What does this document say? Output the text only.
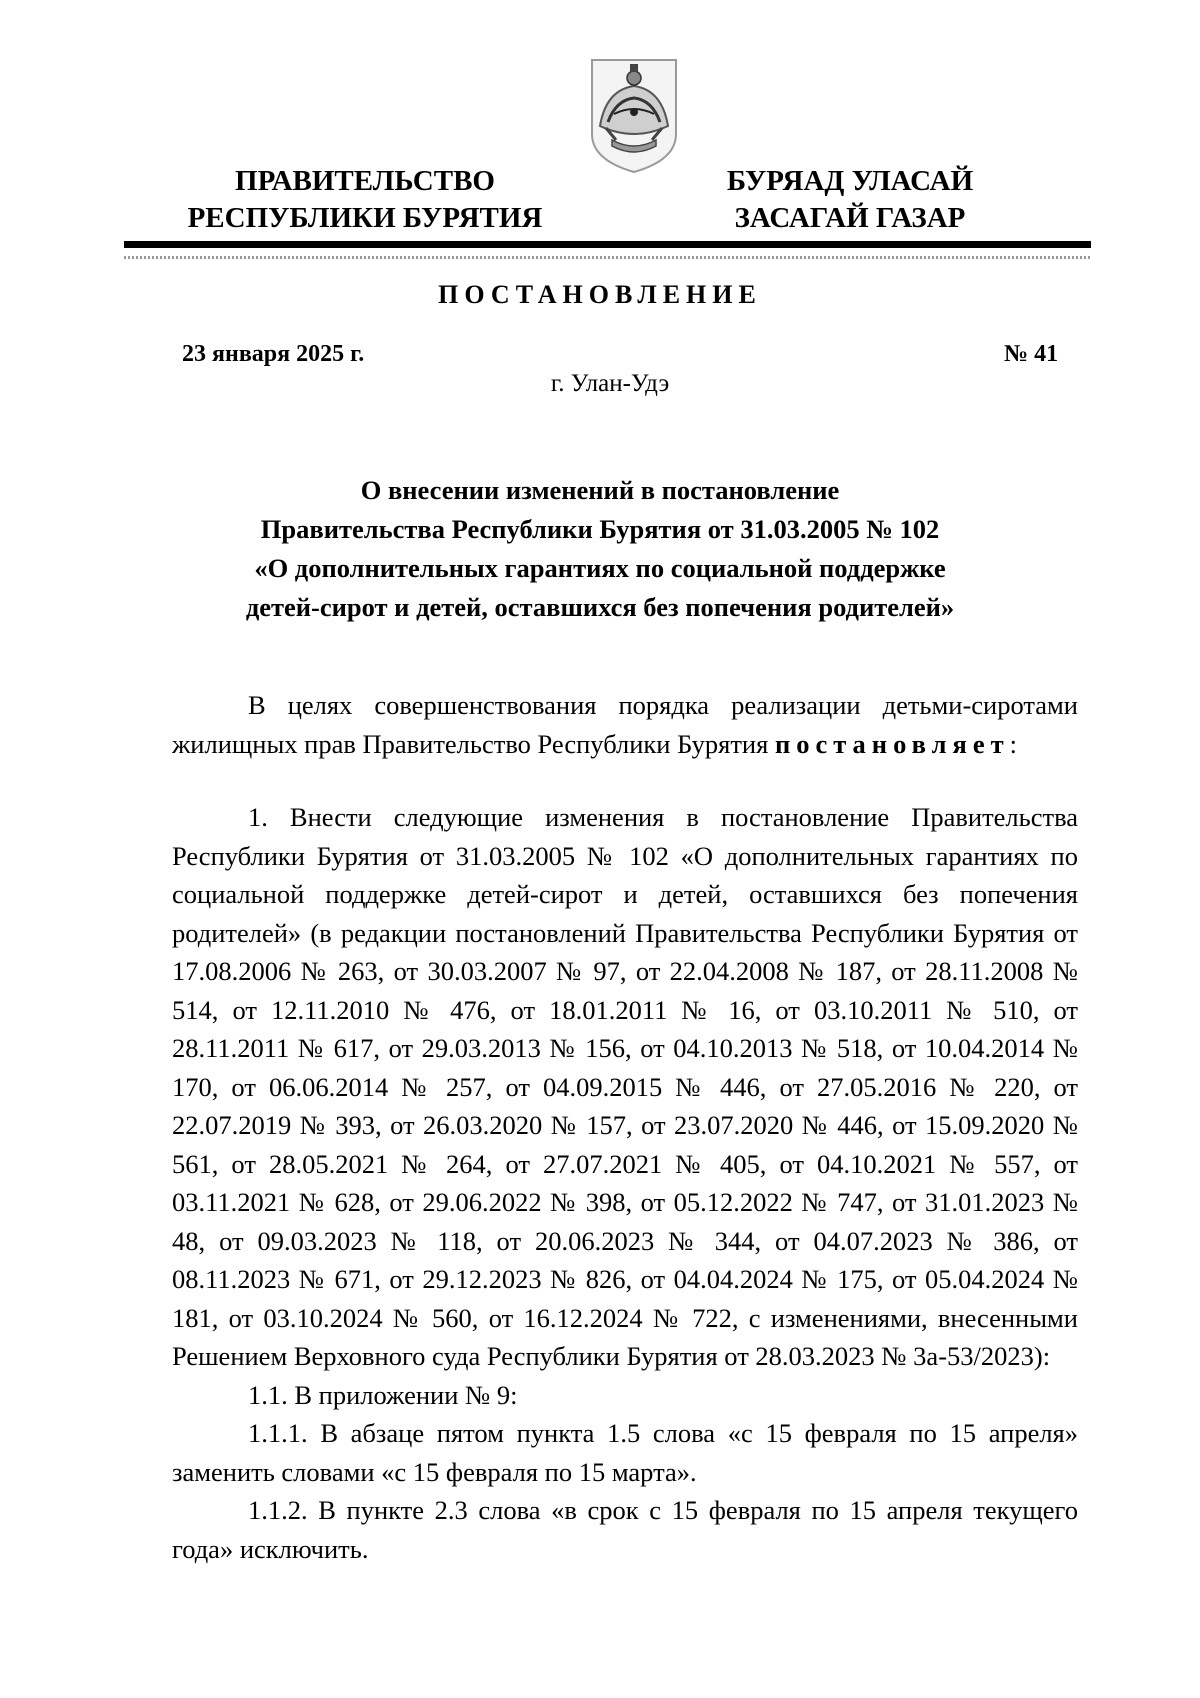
ПРАВИТЕЛЬСТВО
РЕСПУБЛИКИ БУРЯТИЯ
БУРЯАД УЛАСАЙ
ЗАСАГАЙ ГАЗАР
ПОСТАНОВЛЕНИЕ
23 января 2025 г.	№ 41
г. Улан-Удэ
О внесении изменений в постановление
Правительства Республики Бурятия от 31.03.2005 № 102
«О дополнительных гарантиях по социальной поддержке
детей-сирот и детей, оставшихся без попечения родителей»

В целях совершенствования порядка реализации детьми-сиротами жилищных прав Правительство Республики Бурятия постановляет:

1. Внести следующие изменения в постановление Правительства Республики Бурятия от 31.03.2005 № 102 «О дополнительных гарантиях по социальной поддержке детей-сирот и детей, оставшихся без попечения родителей» (в редакции постановлений Правительства Республики Бурятия от 17.08.2006 № 263, от 30.03.2007 № 97, от 22.04.2008 № 187, от 28.11.2008 № 514, от 12.11.2010 № 476, от 18.01.2011 № 16, от 03.10.2011 № 510, от 28.11.2011 № 617, от 29.03.2013 № 156, от 04.10.2013 № 518, от 10.04.2014 № 170, от 06.06.2014 № 257, от 04.09.2015 № 446, от 27.05.2016 № 220, от 22.07.2019 № 393, от 26.03.2020 № 157, от 23.07.2020 № 446, от 15.09.2020 № 561, от 28.05.2021 № 264, от 27.07.2021 № 405, от 04.10.2021 № 557, от 03.11.2021 № 628, от 29.06.2022 № 398, от 05.12.2022 № 747, от 31.01.2023 № 48, от 09.03.2023 № 118, от 20.06.2023 № 344, от 04.07.2023 № 386, от 08.11.2023 № 671, от 29.12.2023 № 826, от 04.04.2024 № 175, от 05.04.2024 № 181, от 03.10.2024 № 560, от 16.12.2024 № 722, с изменениями, внесенными Решением Верховного суда Республики Бурятия от 28.03.2023 № 3а-53/2023):

1.1. В приложении № 9:

1.1.1. В абзаце пятом пункта 1.5 слова «с 15 февраля по 15 апреля» заменить словами «с 15 февраля по 15 марта».

1.1.2. В пункте 2.3 слова «в срок с 15 февраля по 15 апреля текущего года» исключить.
